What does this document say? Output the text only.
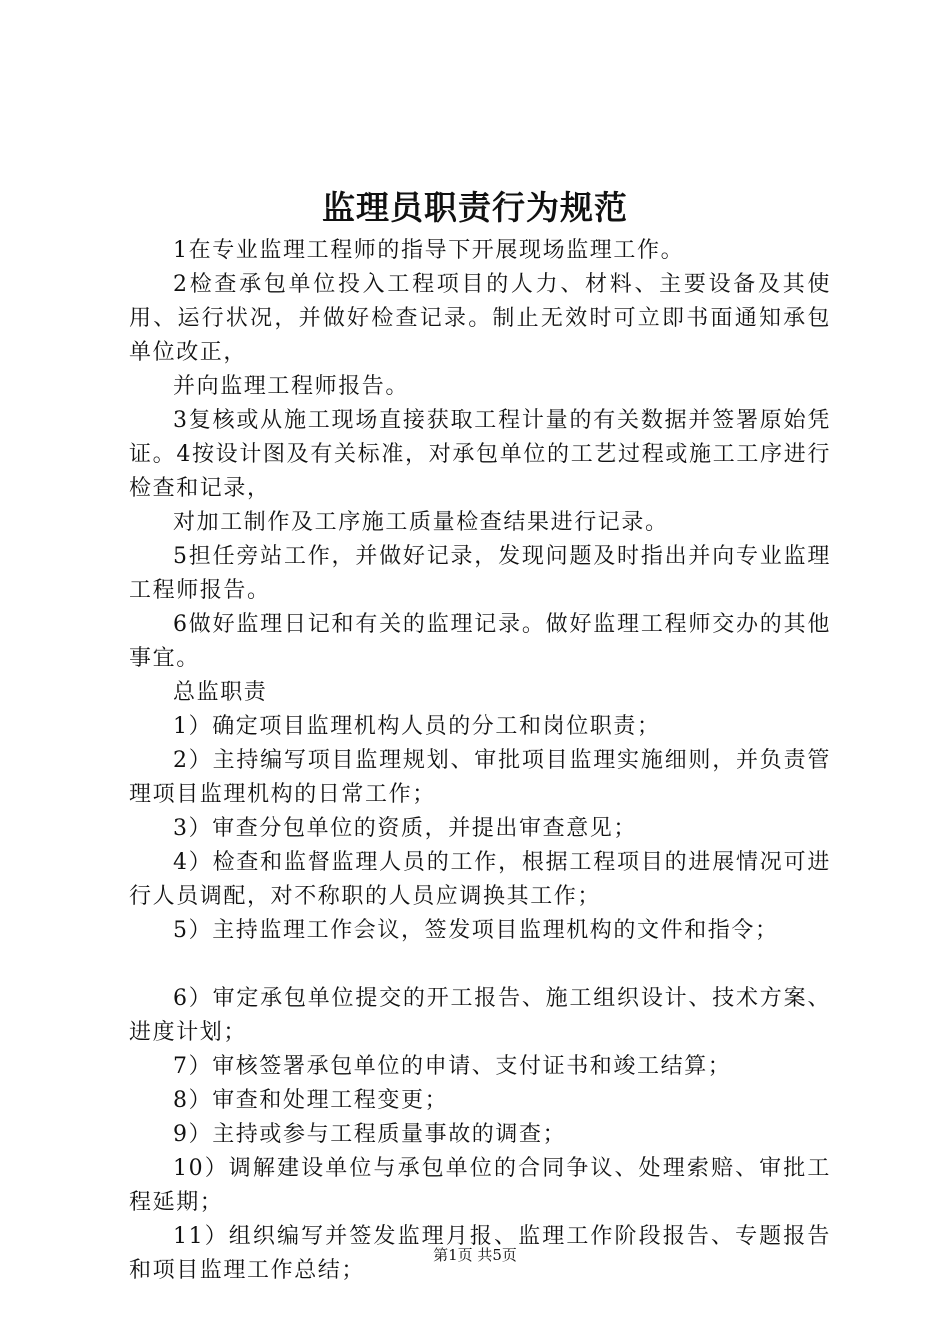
监理员职责行为规范

1在专业监理工程师的指导下开展现场监理工作。

2检查承包单位投入工程项目的人力、材料、主要设备及其使用、运行状况，并做好检查记录。制止无效时可立即书面通知承包单位改正，

并向监理工程师报告。

3复核或从施工现场直接获取工程计量的有关数据并签署原始凭证。4按设计图及有关标准，对承包单位的工艺过程或施工工序进行检查和记录，

对加工制作及工序施工质量检查结果进行记录。

5担任旁站工作，并做好记录，发现问题及时指出并向专业监理工程师报告。

6做好监理日记和有关的监理记录。做好监理工程师交办的其他事宜。

总监职责

1）确定项目监理机构人员的分工和岗位职责；

2）主持编写项目监理规划、审批项目监理实施细则，并负责管理项目监理机构的日常工作；

3）审查分包单位的资质，并提出审查意见；

4）检查和监督监理人员的工作，根据工程项目的进展情况可进行人员调配，对不称职的人员应调换其工作；

5）主持监理工作会议，签发项目监理机构的文件和指令；

6）审定承包单位提交的开工报告、施工组织设计、技术方案、进度计划；

7）审核签署承包单位的申请、支付证书和竣工结算；

8）审查和处理工程变更；

9）主持或参与工程质量事故的调查；

10）调解建设单位与承包单位的合同争议、处理索赔、审批工程延期；

11）组织编写并签发监理月报、监理工作阶段报告、专题报告和项目监理工作总结；

第1页 共5页
